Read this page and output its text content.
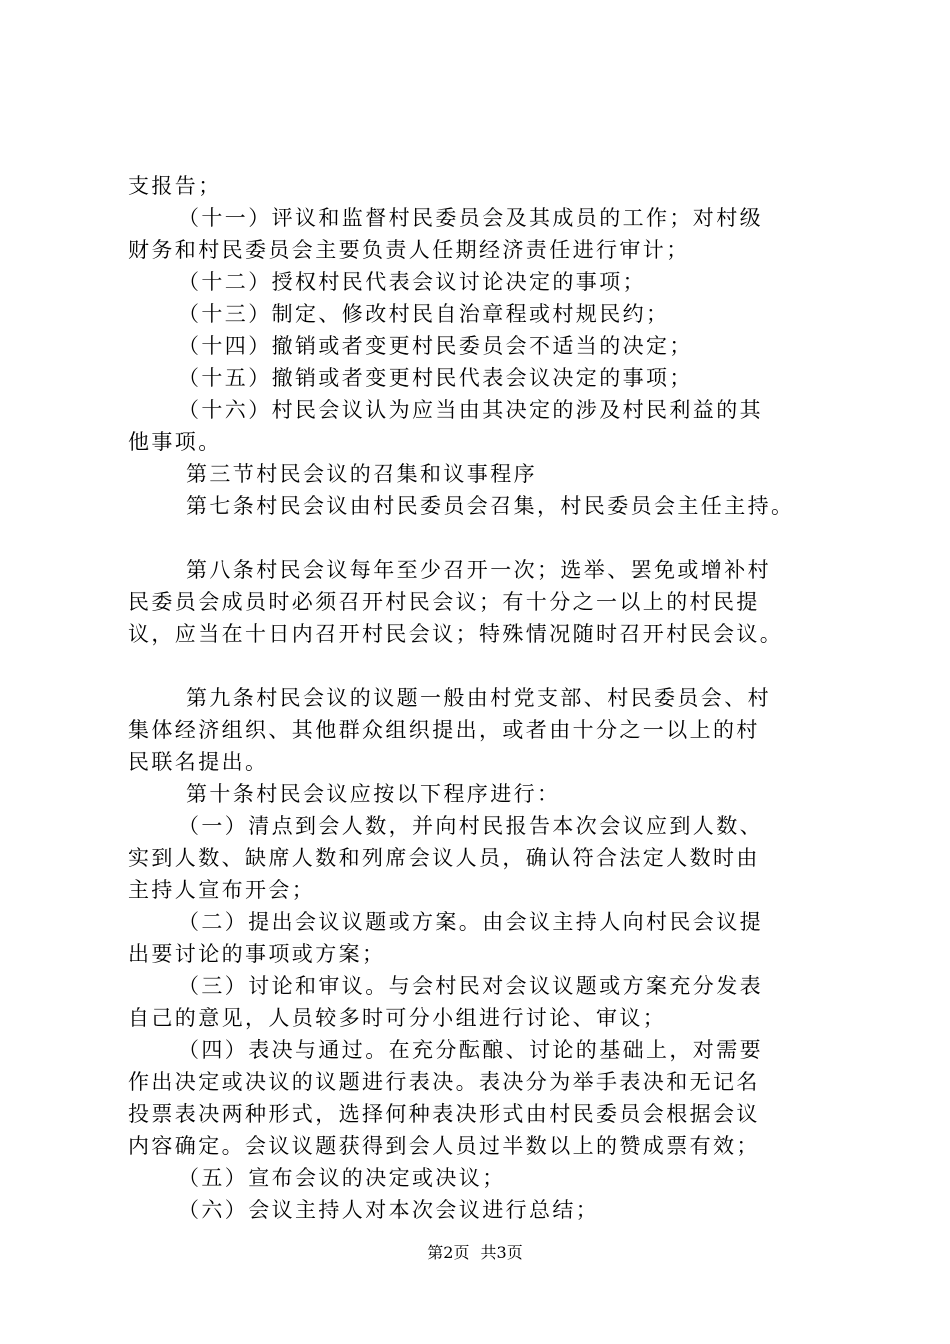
支报告；
（十一）评议和监督村民委员会及其成员的工作；对村级
财务和村民委员会主要负责人任期经济责任进行审计；
（十二）授权村民代表会议讨论决定的事项；
（十三）制定、修改村民自治章程或村规民约；
（十四）撤销或者变更村民委员会不适当的决定；
（十五）撤销或者变更村民代表会议决定的事项；
（十六）村民会议认为应当由其决定的涉及村民利益的其
他事项。
第三节村民会议的召集和议事程序
第七条村民会议由村民委员会召集，村民委员会主任主持。
第八条村民会议每年至少召开一次；选举、罢免或增补村
民委员会成员时必须召开村民会议；有十分之一以上的村民提
议，应当在十日内召开村民会议；特殊情况随时召开村民会议。
第九条村民会议的议题一般由村党支部、村民委员会、村
集体经济组织、其他群众组织提出，或者由十分之一以上的村
民联名提出。
第十条村民会议应按以下程序进行：
（一）清点到会人数，并向村民报告本次会议应到人数、
实到人数、缺席人数和列席会议人员，确认符合法定人数时由
主持人宣布开会；
（二）提出会议议题或方案。由会议主持人向村民会议提
出要讨论的事项或方案；
（三）讨论和审议。与会村民对会议议题或方案充分发表
自己的意见，人员较多时可分小组进行讨论、审议；
（四）表决与通过。在充分酝酿、讨论的基础上，对需要
作出决定或决议的议题进行表决。表决分为举手表决和无记名
投票表决两种形式，选择何种表决形式由村民委员会根据会议
内容确定。会议议题获得到会人员过半数以上的赞成票有效；
（五）宣布会议的决定或决议；
（六）会议主持人对本次会议进行总结；
第2页 共3页
